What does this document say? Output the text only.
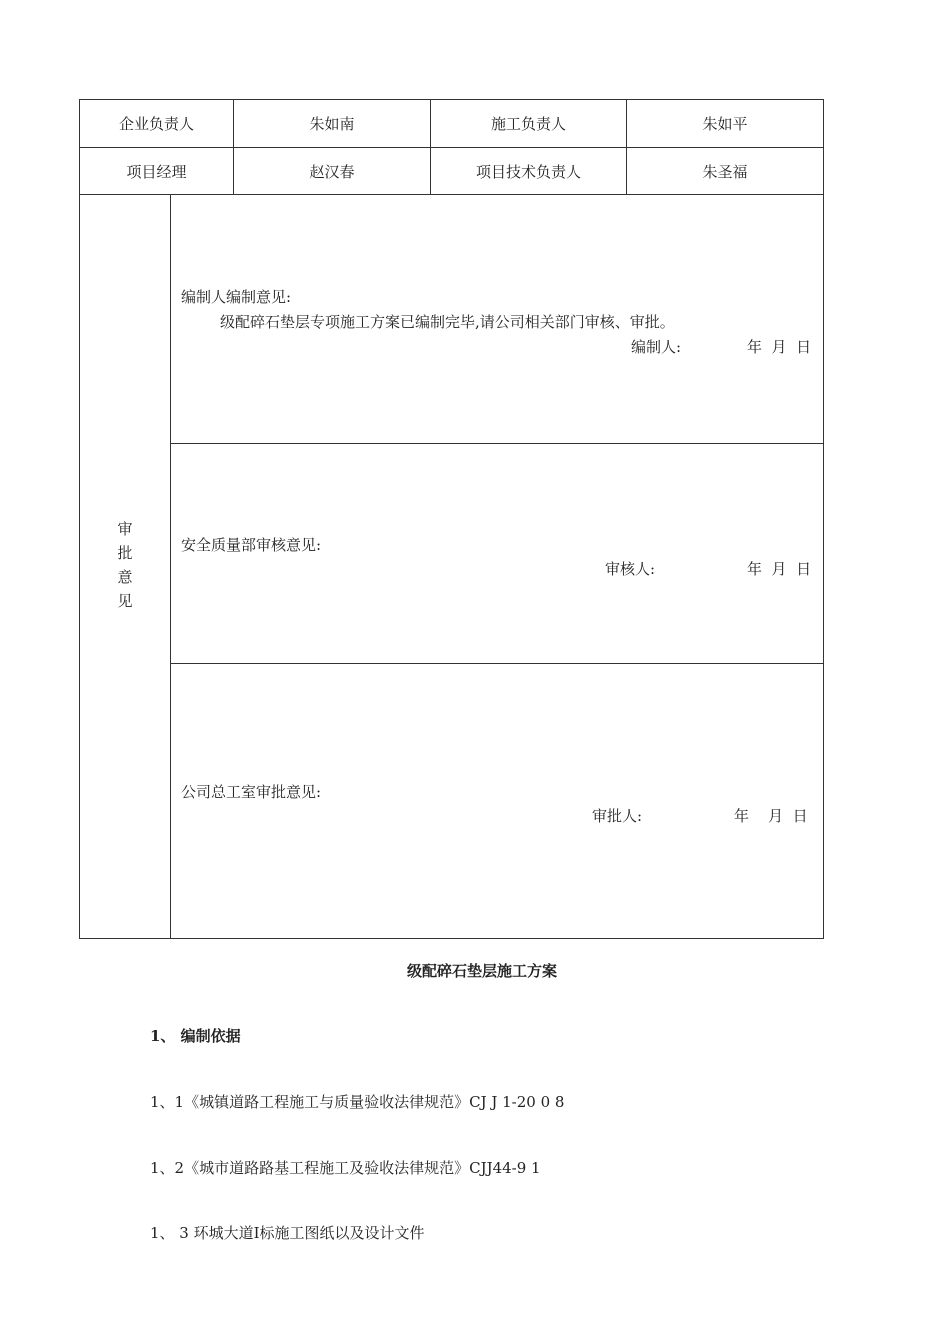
企业负责人	朱如南	施工负责人	朱如平
项目经理	赵汉春	项目技术负责人	朱圣福
审
批
意
见
编制人编制意见:
级配碎石垫层专项施工方案已编制完毕,请公司相关部门审核、审批。
编制人:	年  月  日
安全质量部审核意见:
审核人:	年  月  日
公司总工室审批意见:
审批人:	年    月  日
级配碎石垫层施工方案
1、 编制依据
1、1《城镇道路工程施工与质量验收法律规范》CJ J 1-20 0 8
1、2《城市道路路基工程施工及验收法律规范》CJJ44-9 1
1、 3 环城大道Ⅰ标施工图纸以及设计文件
